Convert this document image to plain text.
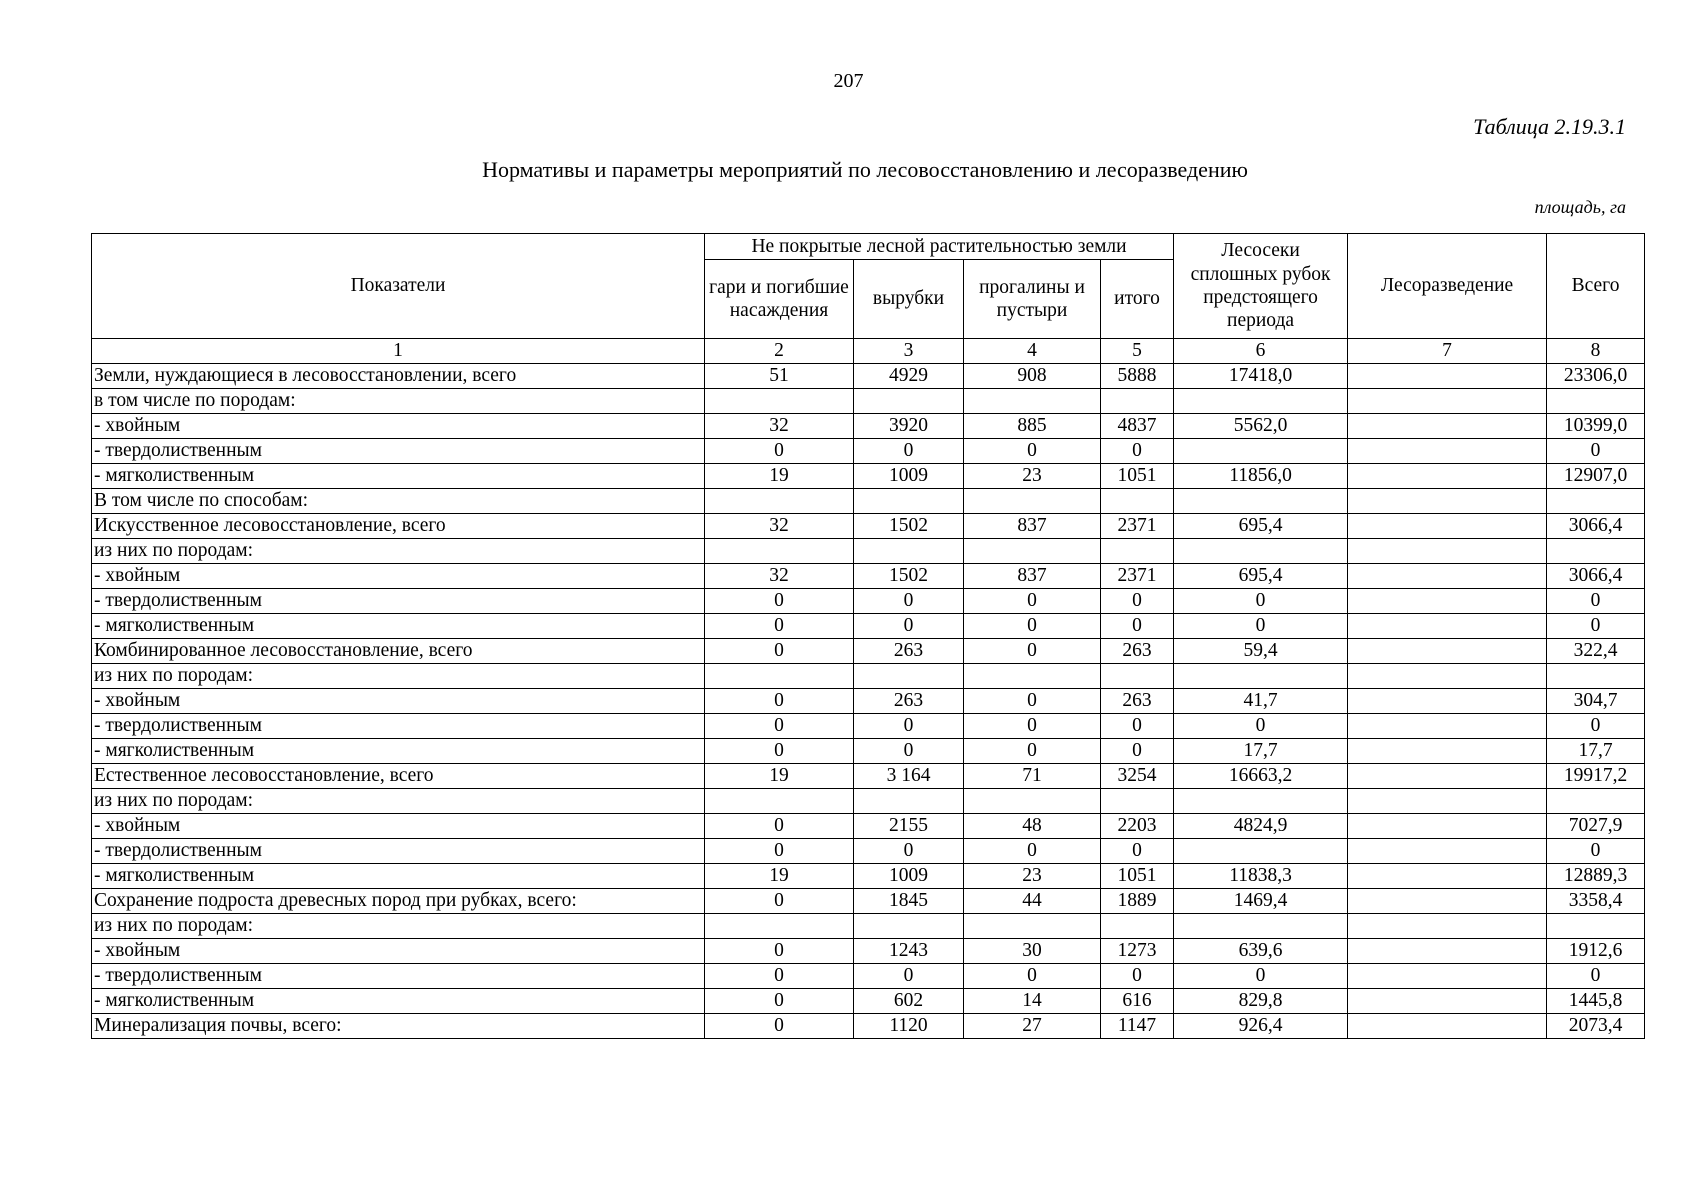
207
Таблица 2.19.3.1
Нормативы и параметры мероприятий по лесовосстановлению и лесоразведению
площадь, га
Показатели	Не покрытые лесной растительностью земли				Лесосеки сплошных рубок предстоящего периода	Лесоразведение	Всего
	гари и погибшие насаждения	вырубки	прогалины и пустыри	итого			
1	2	3	4	5	6	7	8
Земли, нуждающиеся в лесовосстановлении, всего	51	4929	908	5888	17418,0		23306,0
в том числе по породам:							
- хвойным	32	3920	885	4837	5562,0		10399,0
- твердолиственным	0	0	0	0			0
- мягколиственным	19	1009	23	1051	11856,0		12907,0
В том числе по способам:							
Искусственное лесовосстановление, всего	32	1502	837	2371	695,4		3066,4
из них по породам:							
- хвойным	32	1502	837	2371	695,4		3066,4
- твердолиственным	0	0	0	0	0		0
- мягколиственным	0	0	0	0	0		0
Комбинированное лесовосстановление, всего	0	263	0	263	59,4		322,4
из них по породам:							
- хвойным	0	263	0	263	41,7		304,7
- твердолиственным	0	0	0	0	0		0
- мягколиственным	0	0	0	0	17,7		17,7
Естественное лесовосстановление, всего	19	3 164	71	3254	16663,2		19917,2
из них по породам:							
- хвойным	0	2155	48	2203	4824,9		7027,9
- твердолиственным	0	0	0	0			0
- мягколиственным	19	1009	23	1051	11838,3		12889,3
Сохранение подроста древесных пород при рубках, всего:	0	1845	44	1889	1469,4		3358,4
из них по породам:							
- хвойным	0	1243	30	1273	639,6		1912,6
- твердолиственным	0	0	0	0	0		0
- мягколиственным	0	602	14	616	829,8		1445,8
Минерализация почвы, всего:	0	1120	27	1147	926,4		2073,4
